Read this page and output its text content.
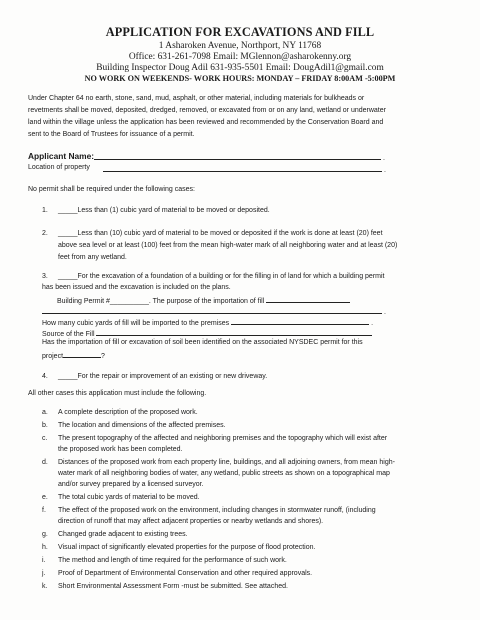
APPLICATION FOR EXCAVATIONS AND FILL
1 Asharoken Avenue, Northport, NY 11768
Office: 631-261-7098 Email: MGlennon@asharokenny.org
Building Inspector Doug Adil 631-935-5501 Email: DougAdil1@gmail.com
NO WORK ON WEEKENDS- WORK HOURS: MONDAY – FRIDAY 8:00AM -5:00PM
Under Chapter 64 no earth, stone, sand, mud, asphalt, or other material, including materials for bulkheads or
revetments shall be moved, deposited, dredged, removed, or excavated from or on any land, wetland or underwater
land within the village unless the application has been reviewed and recommended by the Conservation Board and
sent to the Board of Trustees for issuance of a permit.
Applicant Name:	.
Location of property	.
No permit shall be required under the following cases:
1. _____Less than (1) cubic yard of material to be moved or deposited.
2. _____Less than (10) cubic yard of material to be moved or deposited if the work is done at least (20) feet
above sea level or at least (100) feet from the mean high-water mark of all neighboring water and at least (20)
feet from any wetland.
3. _____For the excavation of a foundation of a building or for the filling in of land for which a building permit
has been issued and the excavation is included on the plans.
Building Permit #__________. The purpose of the importation of fill
.
How many cubic yards of fill will be imported to the premises	.
Source of the Fill
Has the importation of fill or excavation of soil been identified on the associated NYSDEC permit for this
project	?
4. _____For the repair or improvement of an existing or new driveway.
All other cases this application must include the following.
a. A complete description of the proposed work.
b. The location and dimensions of the affected premises.
c. The present topography of the affected and neighboring premises and the topography which will exist after
the proposed work has been completed.
d. Distances of the proposed work from each property line, buildings, and all adjoining owners, from mean high-
water mark of all neighboring bodies of water, any wetland, public streets as shown on a topographical map
and/or survey prepared by a licensed surveyor.
e. The total cubic yards of material to be moved.
f. The effect of the proposed work on the environment, including changes in stormwater runoff, (including
direction of runoff that may affect adjacent properties or nearby wetlands and shores).
g. Changed grade adjacent to existing trees.
h. Visual impact of significantly elevated properties for the purpose of flood protection.
i. The method and length of time required for the performance of such work.
j. Proof of Department of Environmental Conservation and other required approvals.
k. Short Environmental Assessment Form -must be submitted. See attached.
